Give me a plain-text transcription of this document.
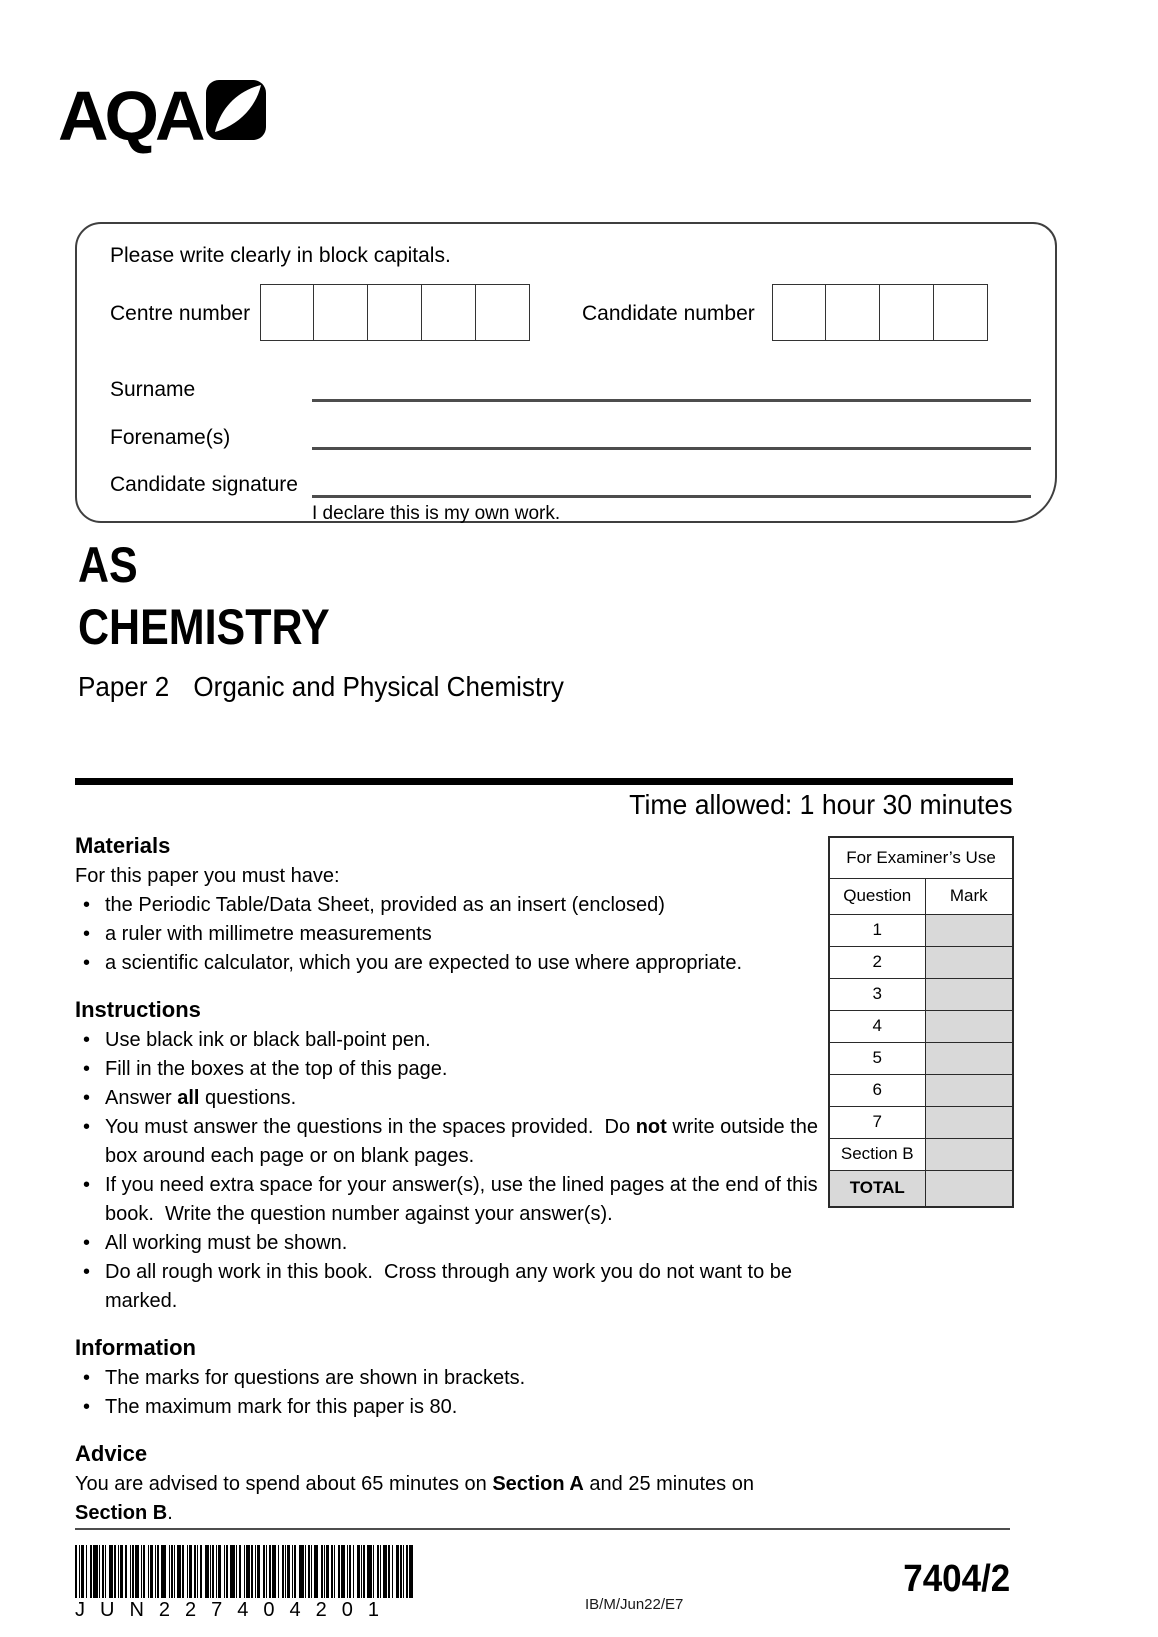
AQA
Please write clearly in block capitals.
Centre number	Candidate number
Surname
Forename(s)
Candidate signature
I declare this is my own work.
AS
CHEMISTRY
Paper 2 Organic and Physical Chemistry
Time allowed: 1 hour 30 minutes
Materials
For this paper you must have:
• the Periodic Table/Data Sheet, provided as an insert (enclosed)
• a ruler with millimetre measurements
• a scientific calculator, which you are expected to use where appropriate.
Instructions
• Use black ink or black ball-point pen.
• Fill in the boxes at the top of this page.
• Answer all questions.
• You must answer the questions in the spaces provided.  Do not write outside the box around each page or on blank pages.
• If you need extra space for your answer(s), use the lined pages at the end of this book.  Write the question number against your answer(s).
• All working must be shown.
• Do all rough work in this book.  Cross through any work you do not want to be marked.
Information
• The marks for questions are shown in brackets.
• The maximum mark for this paper is 80.
Advice
You are advised to spend about 65 minutes on Section A and 25 minutes on Section B.
For Examiner’s Use	
Question	Mark
1	
2	
3	
4	
5	
6	
7	
Section B	
TOTAL	
JUN227404201	IB/M/Jun22/E7
7404/2
